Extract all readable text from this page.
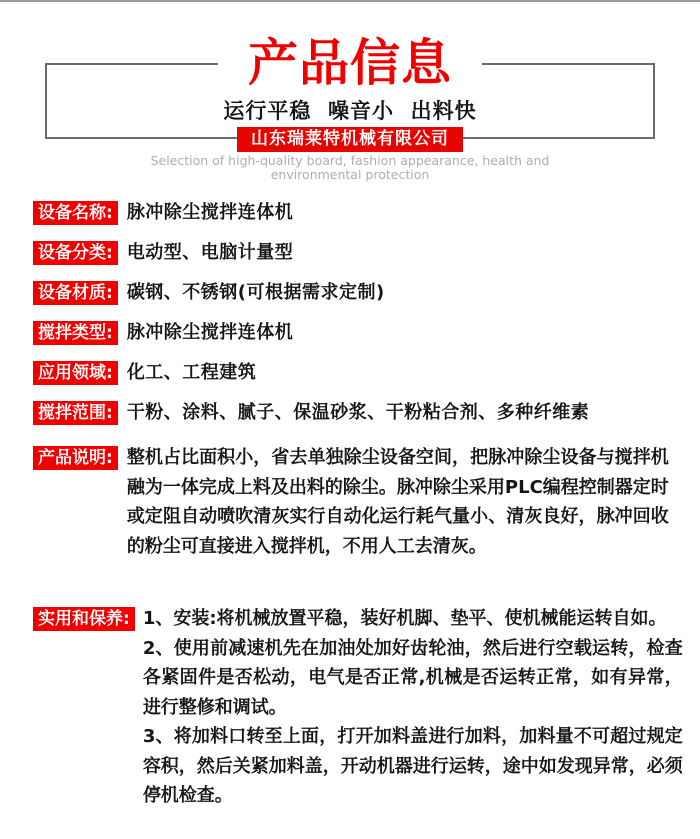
产品信息
运行平稳  噪音小  出料快
山东瑞莱特机械有限公司
Selection of high-quality board, fashion appearance, health and
environmental protection
设备名称: 脉冲除尘搅拌连体机
设备分类: 电动型、电脑计量型
设备材质: 碳钢、不锈钢(可根据需求定制)
搅拌类型: 脉冲除尘搅拌连体机
应用领域: 化工、工程建筑
搅拌范围: 干粉、涂料、腻子、保温砂浆、干粉粘合剂、多种纤维素
产品说明: 整机占比面积小，省去单独除尘设备空间，把脉冲除尘设备与搅拌机融为一体完成上料及出料的除尘。脉冲除尘采用PLC编程控制器定时或定阻自动喷吹清灰实行自动化运行耗气量小、清灰良好，脉冲回收的粉尘可直接进入搅拌机，不用人工去清灰。
实用和保养: 1、安装:将机械放置平稳，装好机脚、垫平、使机械能运转自如。

2、使用前减速机先在加油处加好齿轮油，然后进行空载运转，检查各紧固件是否松动，电气是否正常,机械是否运转正常，如有异常，进行整修和调试。

3、将加料口转至上面，打开加料盖进行加料，加料量不可超过规定容积，然后关紧加料盖，开动机器进行运转，途中如发现异常，必须停机检查。
